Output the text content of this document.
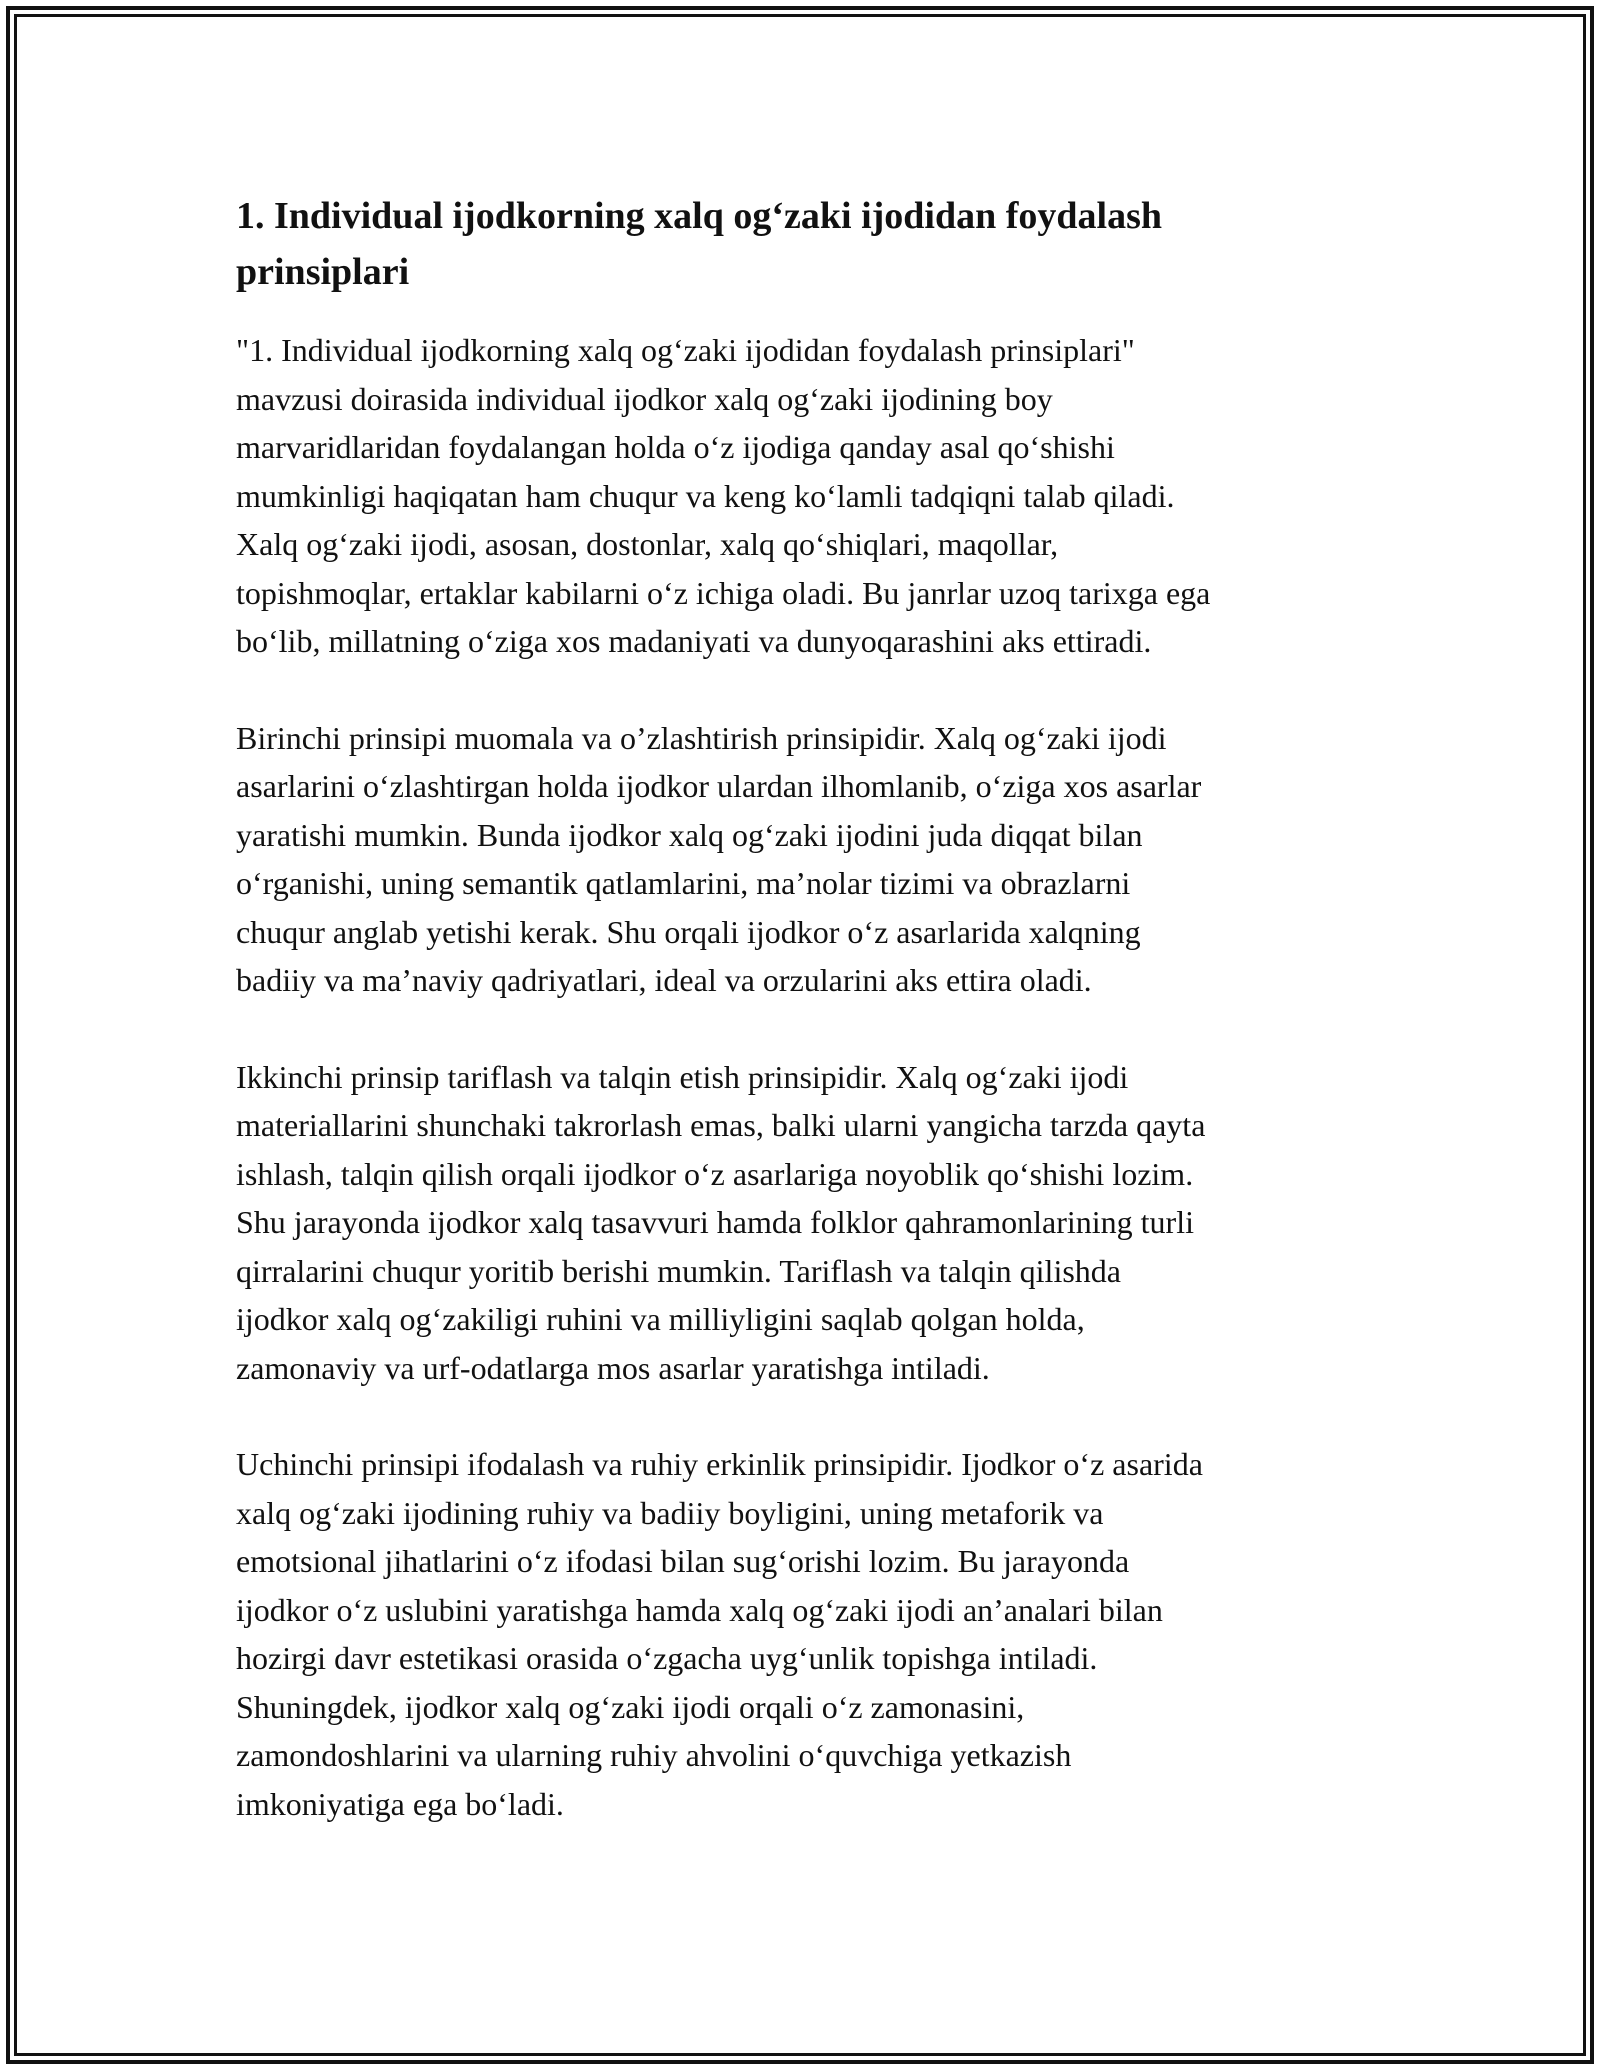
1. Individual ijodkorning xalq og‘zaki ijodidan foydalash
prinsiplari

"1. Individual ijodkorning xalq og‘zaki ijodidan foydalash prinsiplari"
mavzusi doirasida individual ijodkor xalq og‘zaki ijodining boy
marvaridlaridan foydalangan holda o‘z ijodiga qanday asal qo‘shishi
mumkinligi haqiqatan ham chuqur va keng ko‘lamli tadqiqni talab qiladi.
Xalq og‘zaki ijodi, asosan, dostonlar, xalq qo‘shiqlari, maqollar,
topishmoqlar, ertaklar kabilarni o‘z ichiga oladi. Bu janrlar uzoq tarixga ega
bo‘lib, millatning o‘ziga xos madaniyati va dunyoqarashini aks ettiradi.

Birinchi prinsipi muomala va o’zlashtirish prinsipidir. Xalq og‘zaki ijodi
asarlarini o‘zlashtirgan holda ijodkor ulardan ilhomlanib, o‘ziga xos asarlar
yaratishi mumkin. Bunda ijodkor xalq og‘zaki ijodini juda diqqat bilan
o‘rganishi, uning semantik qatlamlarini, ma’nolar tizimi va obrazlarni
chuqur anglab yetishi kerak. Shu orqali ijodkor o‘z asarlarida xalqning
badiiy va ma’naviy qadriyatlari, ideal va orzularini aks ettira oladi.

Ikkinchi prinsip tariflash va talqin etish prinsipidir. Xalq og‘zaki ijodi
materiallarini shunchaki takrorlash emas, balki ularni yangicha tarzda qayta
ishlash, talqin qilish orqali ijodkor o‘z asarlariga noyoblik qo‘shishi lozim.
Shu jarayonda ijodkor xalq tasavvuri hamda folklor qahramonlarining turli
qirralarini chuqur yoritib berishi mumkin. Tariflash va talqin qilishda
ijodkor xalq og‘zakiligi ruhini va milliyligini saqlab qolgan holda,
zamonaviy va urf-odatlarga mos asarlar yaratishga intiladi.

Uchinchi prinsipi ifodalash va ruhiy erkinlik prinsipidir. Ijodkor o‘z asarida
xalq og‘zaki ijodining ruhiy va badiiy boyligini, uning metaforik va
emotsional jihatlarini o‘z ifodasi bilan sug‘orishi lozim. Bu jarayonda
ijodkor o‘z uslubini yaratishga hamda xalq og‘zaki ijodi an’analari bilan
hozirgi davr estetikasi orasida o‘zgacha uyg‘unlik topishga intiladi.
Shuningdek, ijodkor xalq og‘zaki ijodi orqali o‘z zamonasini,
zamondoshlarini va ularning ruhiy ahvolini o‘quvchiga yetkazish
imkoniyatiga ega bo‘ladi.
